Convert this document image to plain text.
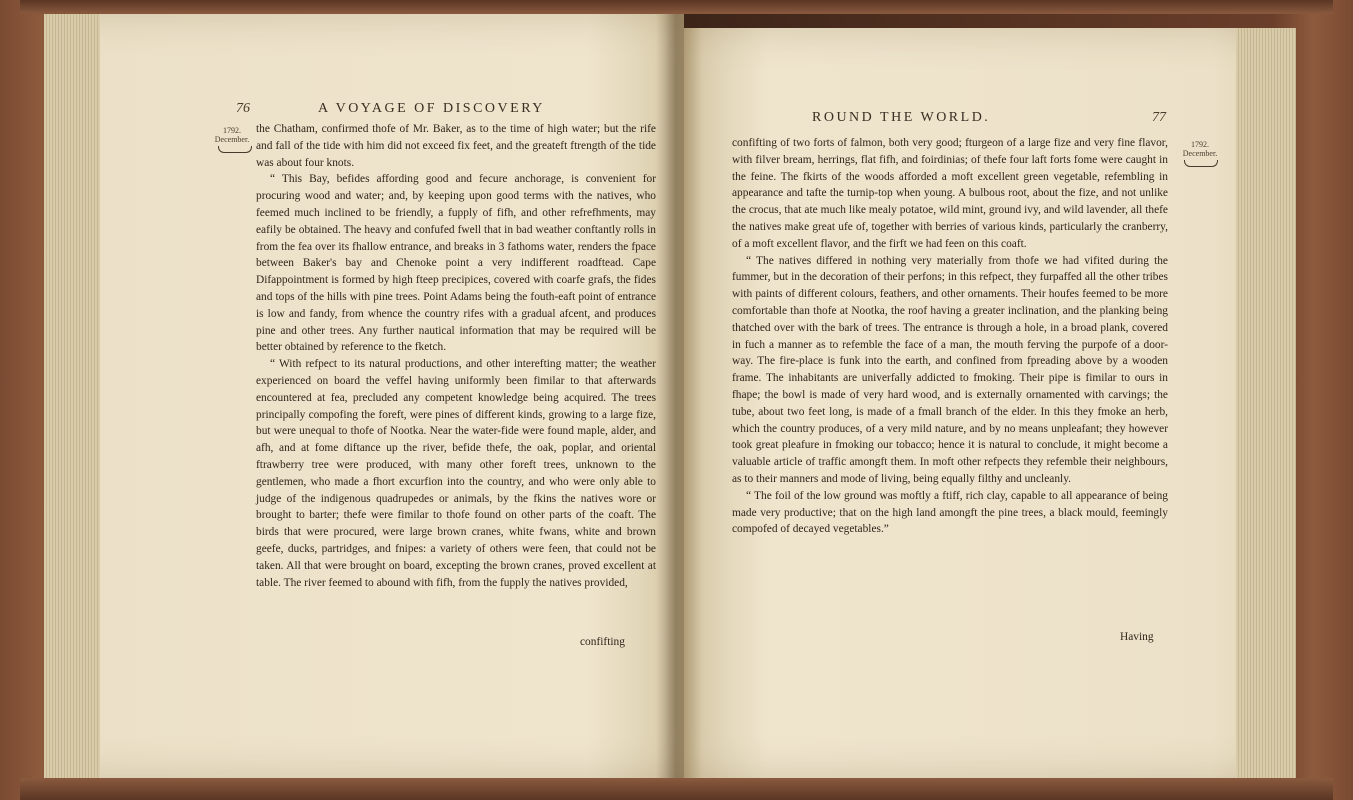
76	A VOYAGE OF DISCOVERY
1792.
December.

the Chatham, confirmed thofe of Mr. Baker, as to the time of high water; but the rife and fall of the tide with him did not exceed fix feet, and the greateft ftrength of the tide was about four knots.

“ This Bay, befides affording good and fecure anchorage, is convenient for procuring wood and water; and, by keeping upon good terms with the natives, who feemed much inclined to be friendly, a fupply of fifh, and other refrefhments, may eafily be obtained. The heavy and confufed fwell that in bad weather conftantly rolls in from the fea over its fhallow entrance, and breaks in 3 fathoms water, renders the fpace between Baker's bay and Chenoke point a very indifferent roadftead. Cape Difappointment is formed by high fteep precipices, covered with coarfe grafs, the fides and tops of the hills with pine trees. Point Adams being the fouth-eaft point of entrance is low and fandy, from whence the country rifes with a gradual afcent, and produces pine and other trees. Any further nautical information that may be required will be better obtained by reference to the fketch.

“ With refpect to its natural productions, and other interefting matter; the weather experienced on board the veffel having uniformly been fimilar to that afterwards encountered at fea, precluded any competent knowledge being acquired. The trees principally compofing the foreft, were pines of different kinds, growing to a large fize, but were unequal to thofe of Nootka. Near the water-fide were found maple, alder, and afh, and at fome diftance up the river, befide thefe, the oak, poplar, and oriental ftrawberry tree were produced, with many other foreft trees, unknown to the gentlemen, who made a fhort excurfion into the country, and who were only able to judge of the indigenous quadrupedes or animals, by the fkins the natives wore or brought to barter; thefe were fimilar to thofe found on other parts of the coaft. The birds that were procured, were large brown cranes, white fwans, white and brown geefe, ducks, partridges, and fnipes: a variety of others were feen, that could not be taken. All that were brought on board, excepting the brown cranes, proved excellent at table. The river feemed to abound with fifh, from the fupply the natives provided,

confifting
ROUND THE WORLD.	77
1792.
December.

confifting of two forts of falmon, both very good; fturgeon of a large fize and very fine flavor, with filver bream, herrings, flat fifh, and foirdinias; of thefe four laft forts fome were caught in the feine. The fkirts of the woods afforded a moft excellent green vegetable, refembling in appearance and tafte the turnip-top when young. A bulbous root, about the fize, and not unlike the crocus, that ate much like mealy potatoe, wild mint, ground ivy, and wild lavender, all thefe the natives make great ufe of, together with berries of various kinds, particularly the cranberry, of a moft excellent flavor, and the firft we had feen on this coaft.

“ The natives differed in nothing very materially from thofe we had vifited during the fummer, but in the decoration of their perfons; in this refpect, they furpaffed all the other tribes with paints of different colours, feathers, and other ornaments. Their houfes feemed to be more comfortable than thofe at Nootka, the roof having a greater inclination, and the planking being thatched over with the bark of trees. The entrance is through a hole, in a broad plank, covered in fuch a manner as to refemble the face of a man, the mouth ferving the purpofe of a door-way. The fire-place is funk into the earth, and confined from fpreading above by a wooden frame. The inhabitants are univerfally addicted to fmoking. Their pipe is fimilar to ours in fhape; the bowl is made of very hard wood, and is externally ornamented with carvings; the tube, about two feet long, is made of a fmall branch of the elder. In this they fmoke an herb, which the country produces, of a very mild nature, and by no means unpleafant; they however took great pleafure in fmoking our tobacco; hence it is natural to conclude, it might become a valuable article of traffic amongft them. In moft other refpects they refemble their neighbours, as to their manners and mode of living, being equally filthy and uncleanly.

“ The foil of the low ground was moftly a ftiff, rich clay, capable to all appearance of being made very productive; that on the high land amongft the pine trees, a black mould, feemingly compofed of decayed vegetables.”

Having
